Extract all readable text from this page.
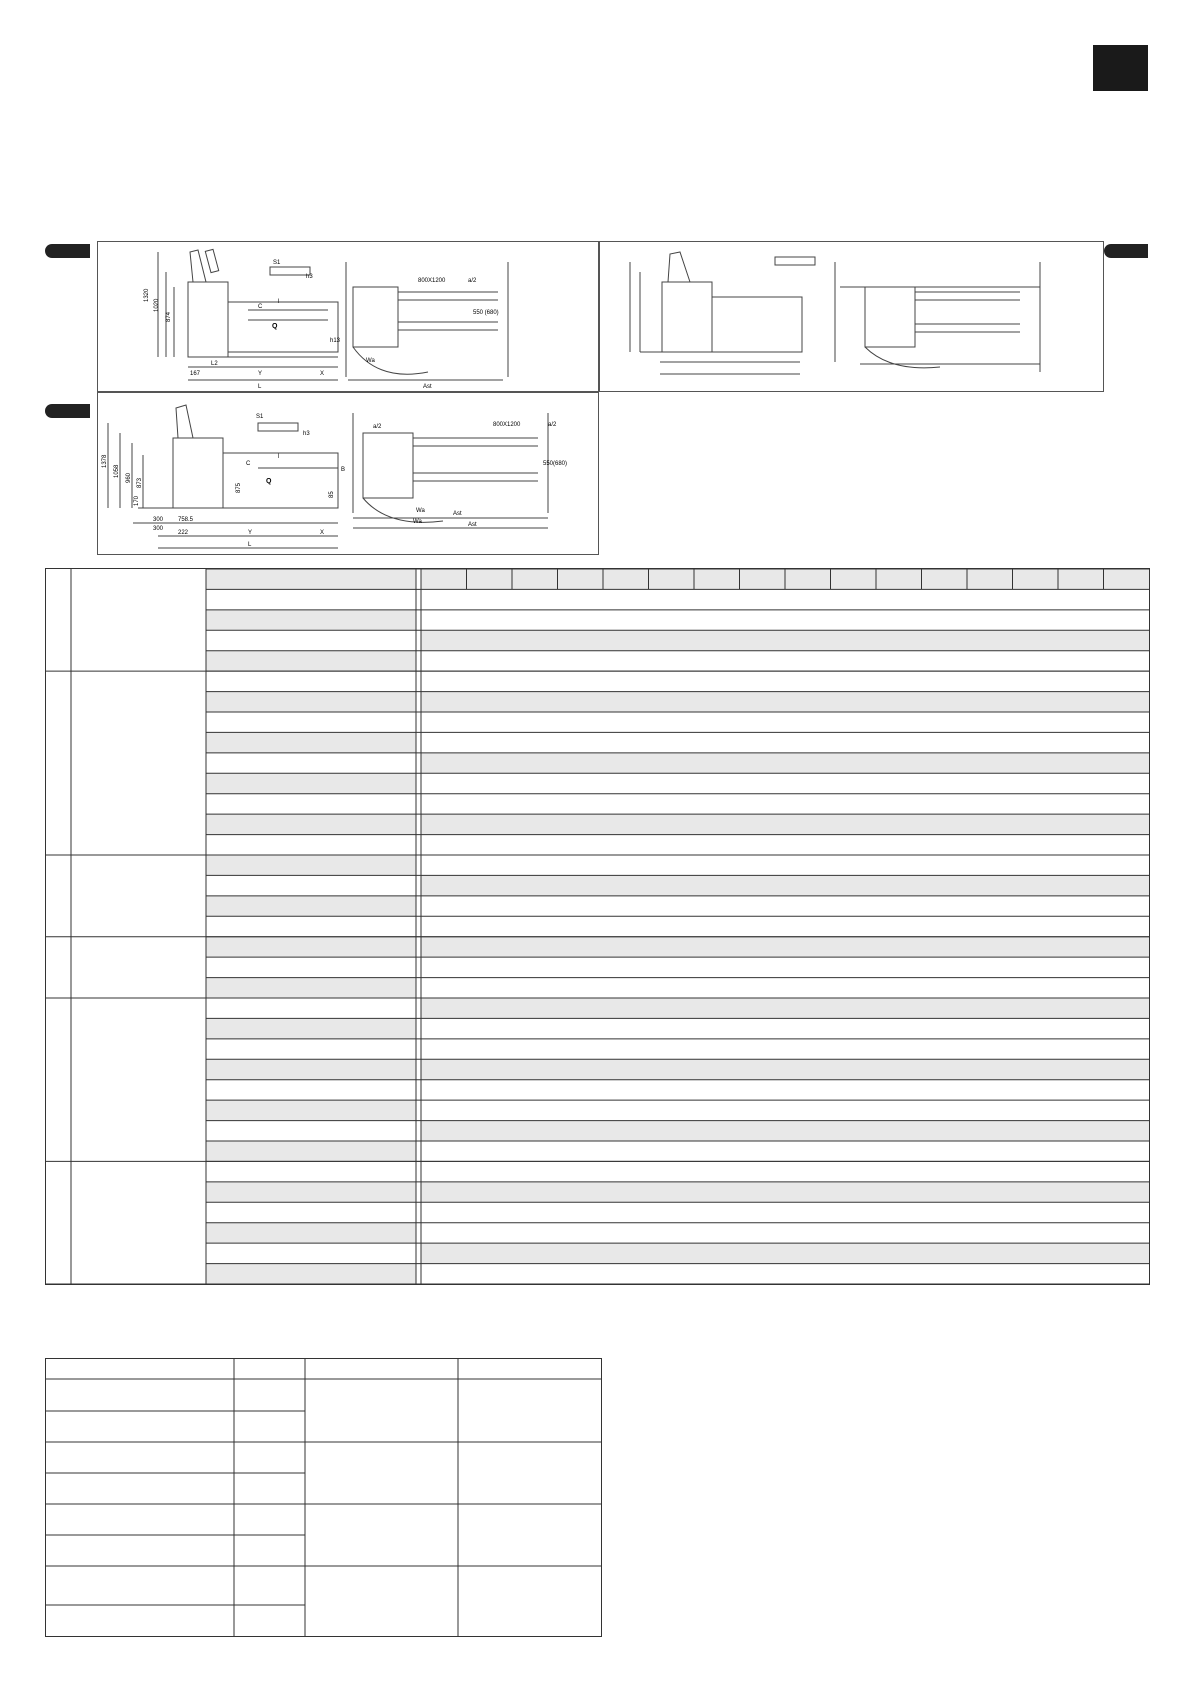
1320
1020
874
167
L2
Y	X
L
C
Q
l
S1
h3
h13
800X1200	a/2
550 (680)
Wa
Ast
1378
1058 960 873
170
300
300
758.5
222	Y	X
L
C
Q
l
S1
h3
875
85
a/2	800X1200	a/2
550(680)
Wa
Wa
Ast
Ast
B
